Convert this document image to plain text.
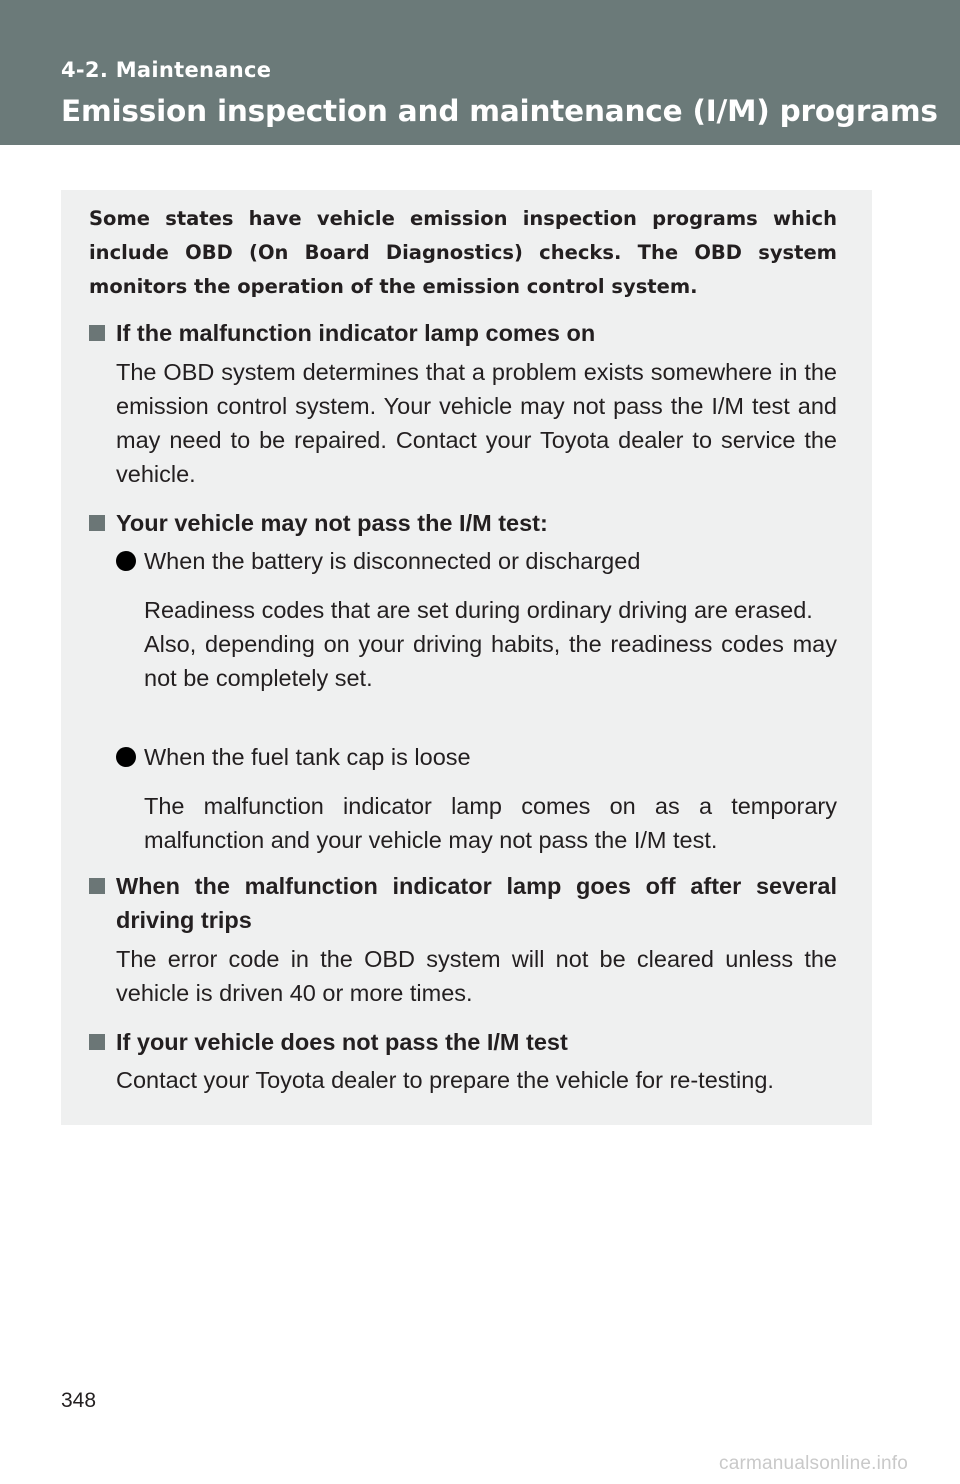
4-2. Maintenance
Emission inspection and maintenance (I/M) programs
Some states have vehicle emission inspection programs which include OBD (On Board Diagnostics) checks. The OBD system monitors the operation of the emission control system.
If the malfunction indicator lamp comes on
The OBD system determines that a problem exists somewhere in the emission control system. Your vehicle may not pass the I/M test and may need to be repaired. Contact your Toyota dealer to service the vehicle.
Your vehicle may not pass the I/M test:
When the battery is disconnected or discharged
Readiness codes that are set during ordinary driving are erased.
Also, depending on your driving habits, the readiness codes may not be completely set.
When the fuel tank cap is loose
The malfunction indicator lamp comes on as a temporary malfunction and your vehicle may not pass the I/M test.
When the malfunction indicator lamp goes off after several driving trips
The error code in the OBD system will not be cleared unless the vehicle is driven 40 or more times.
If your vehicle does not pass the I/M test
Contact your Toyota dealer to prepare the vehicle for re-testing.
348
carmanualsonline.info
